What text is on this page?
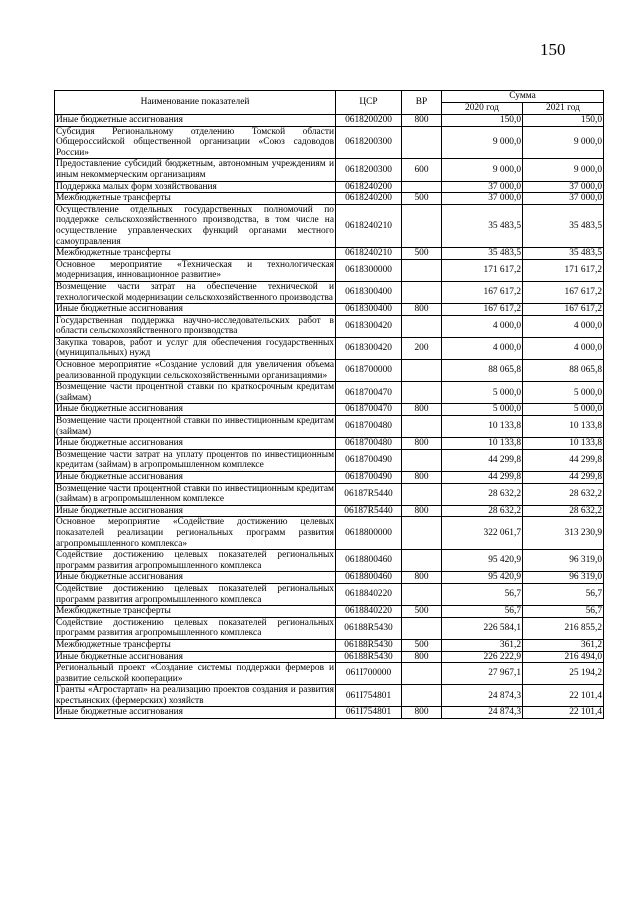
150
Наименование показателей	ЦСР	ВР	Сумма	
			2020 год	2021 год
Иные бюджетные ассигнования	0618200200	800	150,0	150,0
Субсидия Региональному отделению Томской области Общероссийской общественной организации «Союз садоводов России»	0618200300		9 000,0	9 000,0
Предоставление субсидий бюджетным, автономным учреждениям и иным некоммерческим организациям	0618200300	600	9 000,0	9 000,0
Поддержка малых форм хозяйствования	0618240200		37 000,0	37 000,0
Межбюджетные трансферты	0618240200	500	37 000,0	37 000,0
Осуществление отдельных государственных полномочий по поддержке сельскохозяйственного производства, в том числе на осуществление управленческих функций органами местного самоуправления	0618240210		35 483,5	35 483,5
Межбюджетные трансферты	0618240210	500	35 483,5	35 483,5
Основное мероприятие «Техническая и технологическая модернизация, инновационное развитие»	0618300000		171 617,2	171 617,2
Возмещение части затрат на обеспечение технической и технологической модернизации сельскохозяйственного производства	0618300400		167 617,2	167 617,2
Иные бюджетные ассигнования	0618300400	800	167 617,2	167 617,2
Государственная поддержка научно-исследовательских работ в области сельскохозяйственного производства	0618300420		4 000,0	4 000,0
Закупка товаров, работ и услуг для обеспечения государственных (муниципальных) нужд	0618300420	200	4 000,0	4 000,0
Основное мероприятие «Создание условий для увеличения объема реализованной продукции сельскохозяйственными организациями»	0618700000		88 065,8	88 065,8
Возмещение части процентной ставки по краткосрочным кредитам (займам)	0618700470		5 000,0	5 000,0
Иные бюджетные ассигнования	0618700470	800	5 000,0	5 000,0
Возмещение части процентной ставки по инвестиционным кредитам (займам)	0618700480		10 133,8	10 133,8
Иные бюджетные ассигнования	0618700480	800	10 133,8	10 133,8
Возмещение части затрат на уплату процентов по инвестиционным кредитам (займам) в агропромышленном комплексе	0618700490		44 299,8	44 299,8
Иные бюджетные ассигнования	0618700490	800	44 299,8	44 299,8
Возмещение части процентной ставки по инвестиционным кредитам (займам) в агропромышленном комплексе	06187R5440		28 632,2	28 632,2
Иные бюджетные ассигнования	06187R5440	800	28 632,2	28 632,2
Основное мероприятие «Содействие достижению целевых показателей реализации региональных программ развития агропромышленного комплекса»	0618800000		322 061,7	313 230,9
Содействие достижению целевых показателей региональных программ развития агропромышленного комплекса	0618800460		95 420,9	96 319,0
Иные бюджетные ассигнования	0618800460	800	95 420,9	96 319,0
Содействие достижению целевых показателей региональных программ развития агропромышленного комплекса	0618840220		56,7	56,7
Межбюджетные трансферты	0618840220	500	56,7	56,7
Содействие достижению целевых показателей региональных программ развития агропромышленного комплекса	06188R5430		226 584,1	216 855,2
Межбюджетные трансферты	06188R5430	500	361,2	361,2
Иные бюджетные ассигнования	06188R5430	800	226 222,9	216 494,0
Региональный проект «Создание системы поддержки фермеров и развитие сельской кооперации»	061I700000		27 967,1	25 194,2
Гранты «Агростартап» на реализацию проектов создания и развития крестьянских (фермерских) хозяйств	061I754801		24 874,3	22 101,4
Иные бюджетные ассигнования	061I754801	800	24 874,3	22 101,4
